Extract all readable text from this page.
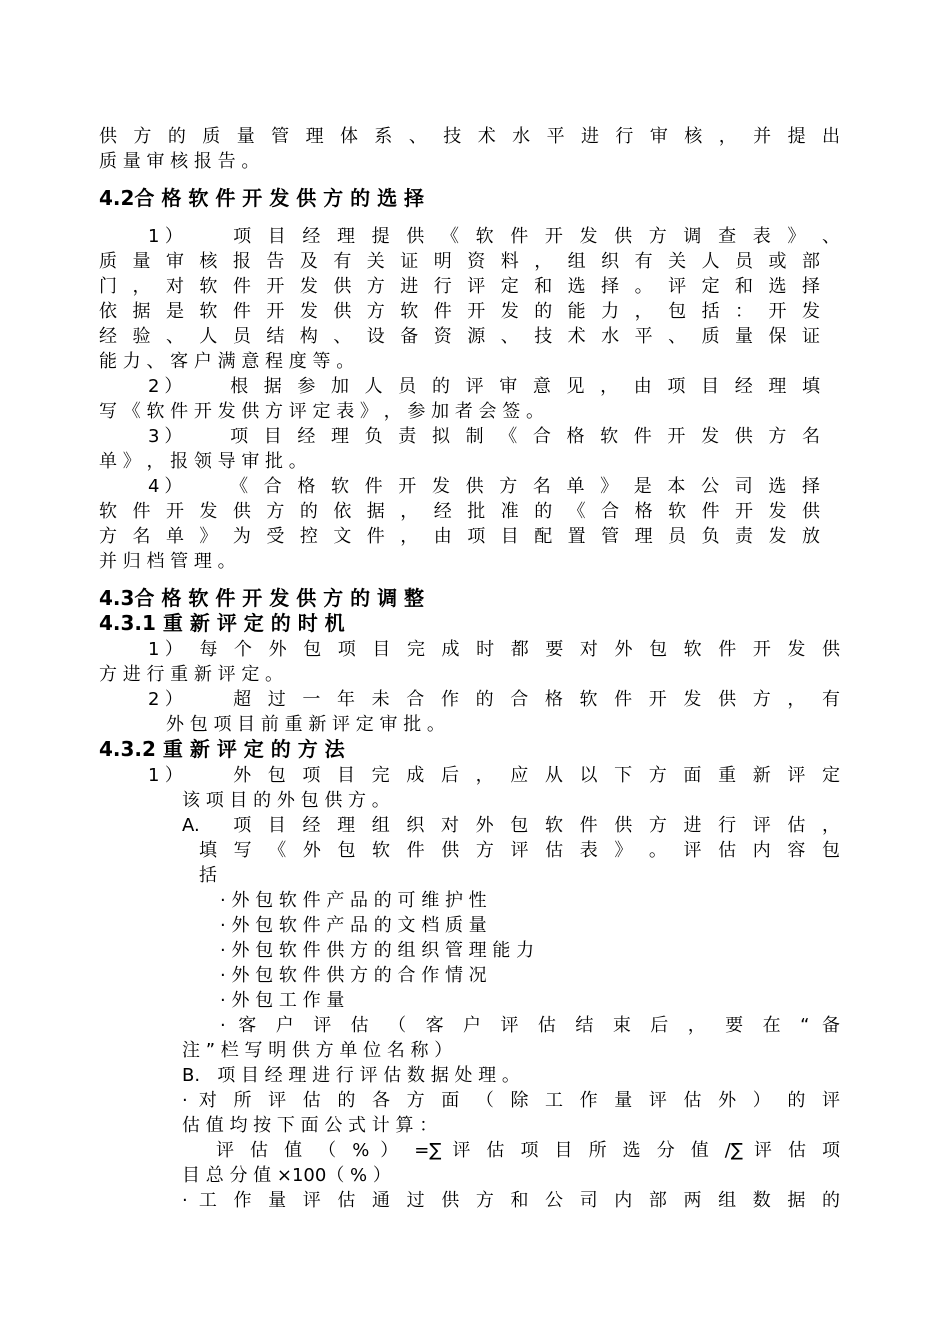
供 方 的 质 量 管 理 体 系 、 技 术 水 平 进 行 审 核 ， 并 提 出
质 量 审 核 报 告 。
4.2合 格 软 件 开 发 供 方 的 选 择
1）    项 目 经 理 提 供 《 软 件 开 发 供 方 调 查 表 》 、
质 量 审 核 报 告 及 有 关 证 明 资 料 ， 组 织 有 关 人 员 或 部
门 ， 对 软 件 开 发 供 方 进 行 评 定 和 选 择 。 评 定 和 选 择
依 据 是 软 件 开 发 供 方 软 件 开 发 的 能 力 ， 包 括 ： 开 发
经 验 、 人 员 结 构 、 设 备 资 源 、 技 术 水 平 、 质 量 保 证
能 力 、 客 户 满 意 程 度 等 。
2）    根 据 参 加 人 员 的 评 审 意 见 ， 由 项 目 经 理 填
写 《 软 件 开 发 供 方 评 定 表 》 ， 参 加 者 会 签 。
3）    项 目 经 理 负 责 拟 制 《 合 格 软 件 开 发 供 方 名
单 》 ， 报 领 导 审 批 。
4）    《 合 格 软 件 开 发 供 方 名 单 》 是 本 公 司 选 择
软 件 开 发 供 方 的 依 据 ， 经 批 准 的 《 合 格 软 件 开 发 供
方 名 单 》 为 受 控 文 件 ， 由 项 目 配 置 管 理 员 负 责 发 放
并 归 档 管 理 。
4.3合 格 软 件 开 发 供 方 的 调 整
4.3.1 重 新 评 定 的 时 机
1） 每 个 外 包 项 目 完 成 时 都 要 对 外 包 软 件 开 发 供
方 进 行 重 新 评 定 。
2）    超 过 一 年 未 合 作 的 合 格 软 件 开 发 供 方 ， 有
外 包 项 目 前 重 新 评 定 审 批 。
4.3.2 重 新 评 定 的 方 法
1）    外 包 项 目 完 成 后 ， 应 从 以 下 方 面 重 新 评 定
该 项 目 的 外 包 供 方 。
A.   项 目 经 理 组 织 对 外 包 软 件 供 方 进 行 评 估 ，
填 写 《 外 包 软 件 供 方 评 估 表 》 。 评 估 内 容 包
括
· 外 包 软 件 产 品 的 可 维 护 性
· 外 包 软 件 产 品 的 文 档 质 量
· 外 包 软 件 供 方 的 组 织 管 理 能 力
· 外 包 软 件 供 方 的 合 作 情 况
· 外 包 工 作 量
· 客 户 评 估 （ 客 户 评 估 结 束 后 ， 要 在 “ 备
注 ” 栏 写 明 供 方 单 位 名 称 ）
B.   项 目 经 理 进 行 评 估 数 据 处 理 。
· 对 所 评 估 的 各 方 面 （ 除 工 作 量 评 估 外 ） 的 评
估 值 均 按 下 面 公 式 计 算 ：
评 估 值 （ % ） =∑ 评 估 项 目 所 选 分 值 /∑ 评 估 项
目 总 分 值 ×100（ % ）
· 工 作 量 评 估 通 过 供 方 和 公 司 内 部 两 组 数 据 的
